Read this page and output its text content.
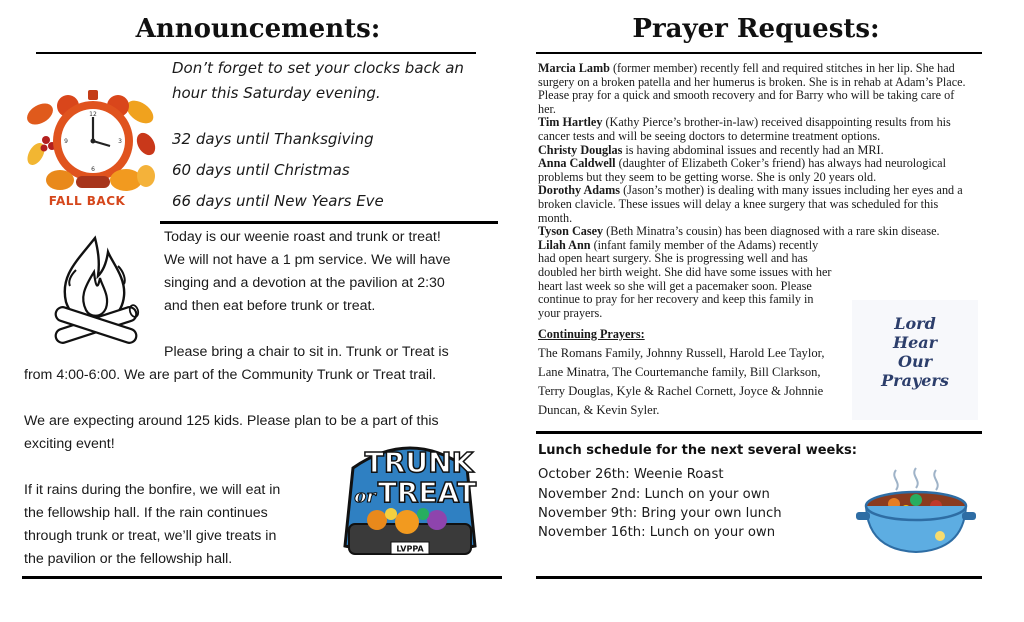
Announcements:
12
6
3
9
FALL BACK
Don’t forget to set your clocks back an
hour this Saturday evening.
32 days until Thanksgiving
60 days until Christmas
66 days until New Years Eve
Today is our weenie roast and trunk or treat!
We will not have a 1 pm service. We will have
singing and a devotion at the pavilion at 2:30
and then eat before trunk or treat.
Please bring a chair to sit in. Trunk or Treat is
from 4:00-6:00. We are part of the Community Trunk or Treat trail.
We are expecting around 125 kids. Please plan to be a part of this
exciting event!
If it rains during the bonfire, we will eat in
the fellowship hall. If the rain continues
through trunk or treat, we’ll give treats in
the pavilion or the fellowship hall.
LVPPA
TRUNK
or TREAT
Prayer Requests:

Marcia Lamb (former member) recently fell and required stitches in her lip. She had surgery on a broken patella and her humerus is broken. She is in rehab at Adam’s Place. Please pray for a quick and smooth recovery and for Barry who will be taking care of her.

Tim Hartley (Kathy Pierce’s brother-in-law) received disappointing results from his cancer tests and will be seeing doctors to determine treatment options.

Christy Douglas is having abdominal issues and recently had an MRI.

Anna Caldwell (daughter of Elizabeth Coker’s friend) has always had neurological problems but they seem to be getting worse. She is only 20 years old.

Dorothy Adams (Jason’s mother) is dealing with many issues including her eyes and a broken clavicle. These issues will delay a knee surgery that was scheduled for this month.

Tyson Casey (Beth Minatra’s cousin) has been diagnosed with a rare skin disease.

Lilah Ann (infant family member of the Adams) recently had open heart surgery. She is progressing well and has doubled her birth weight. She did have some issues with her heart last week so she will get a pacemaker soon. Please continue to pray for her recovery and keep this family in your prayers.

Continuing Prayers:
The Romans Family, Johnny Russell, Harold Lee Taylor, Lane Minatra, The Courtemanche family, Bill Clarkson, Terry Douglas, Kyle & Rachel Cornett, Joyce & Johnnie Duncan, & Kevin Syler.
Lord
Hear
Our
Prayers
Lunch schedule for the next several weeks:
October 26th: Weenie Roast
November 2nd: Lunch on your own
November 9th: Bring your own lunch
November 16th: Lunch on your own
